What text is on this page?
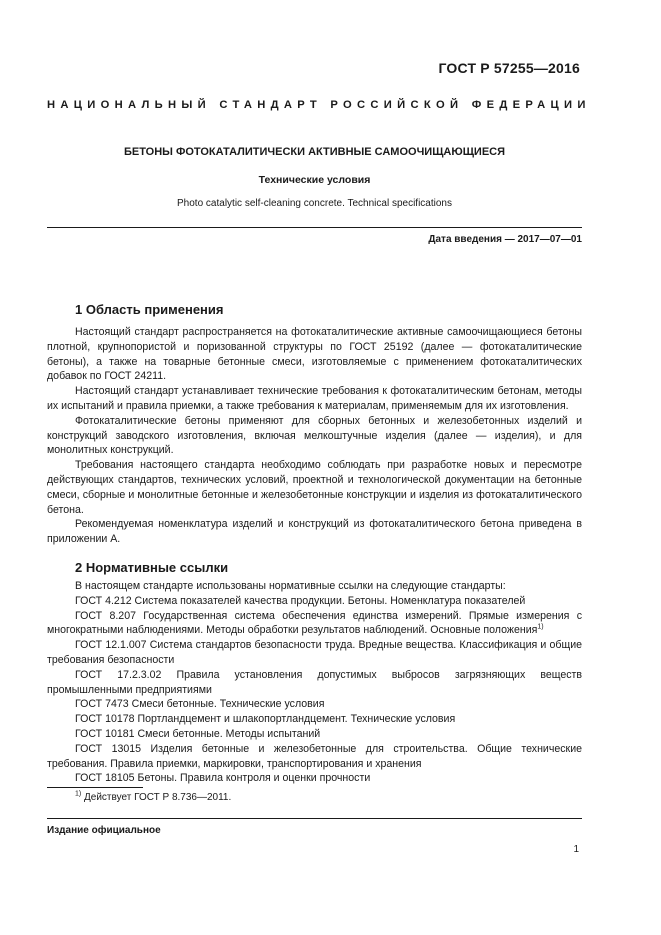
ГОСТ Р 57255—2016
НАЦИОНАЛЬНЫЙ СТАНДАРТ РОССИЙСКОЙ ФЕДЕРАЦИИ
БЕТОНЫ ФОТОКАТАЛИТИЧЕСКИ АКТИВНЫЕ САМООЧИЩАЮЩИЕСЯ
Технические условия
Photo catalytic self-cleaning concrete. Technical specifications
Дата введения — 2017—07—01
1 Область применения

Настоящий стандарт распространяется на фотокаталитические активные самоочищающиеся бетоны плотной, крупнопористой и поризованной структуры по ГОСТ 25192 (далее — фотокаталитические бетоны), а также на товарные бетонные смеси, изготовляемые с применением фотокаталитических добавок по ГОСТ 24211.

Настоящий стандарт устанавливает технические требования к фотокаталитическим бетонам, методы их испытаний и правила приемки, а также требования к материалам, применяемым для их изготовления.

Фотокаталитические бетоны применяют для сборных бетонных и железобетонных изделий и конструкций заводского изготовления, включая мелкоштучные изделия (далее — изделия), и для монолитных конструкций.

Требования настоящего стандарта необходимо соблюдать при разработке новых и пересмотре действующих стандартов, технических условий, проектной и технологической документации на бетонные смеси, сборные и монолитные бетонные и железобетонные конструкции и изделия из фотокаталитического бетона.

Рекомендуемая номенклатура изделий и конструкций из фотокаталитического бетона приведена в приложении А.

2 Нормативные ссылки

В настоящем стандарте использованы нормативные ссылки на следующие стандарты:

ГОСТ 4.212 Система показателей качества продукции. Бетоны. Номенклатура показателей

ГОСТ 8.207 Государственная система обеспечения единства измерений. Прямые измерения с многократными наблюдениями. Методы обработки результатов наблюдений. Основные положения$^{1)}$

ГОСТ 12.1.007 Система стандартов безопасности труда. Вредные вещества. Классификация и общие требования безопасности

ГОСТ 17.2.3.02 Правила установления допустимых выбросов загрязняющих веществ промышленными предприятиями

ГОСТ 7473 Смеси бетонные. Технические условия

ГОСТ 10178 Портландцемент и шлакопортландцемент. Технические условия

ГОСТ 10181 Смеси бетонные. Методы испытаний

ГОСТ 13015 Изделия бетонные и железобетонные для строительства. Общие технические требования. Правила приемки, маркировки, транспортирования и хранения

ГОСТ 18105 Бетоны. Правила контроля и оценки прочности

$^{1)}$ Действует ГОСТ Р 8.736—2011.
Издание официальное
1
